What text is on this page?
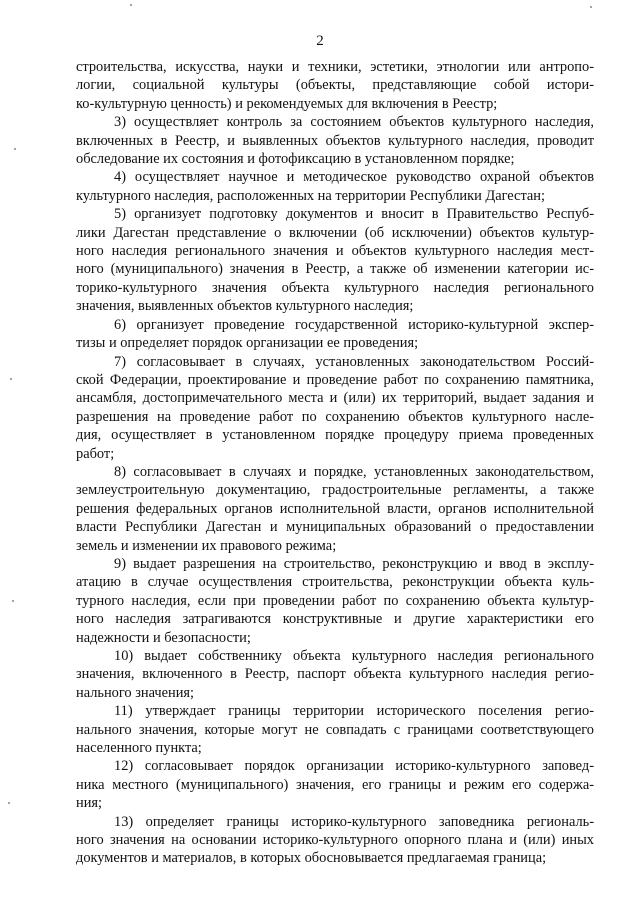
2

строительства, искусства, науки и техники, эстетики, этнологии или антропо-
логии, социальной культуры (объекты, представляющие собой истори-
ко-культурную ценность) и рекомендуемых для включения в Реестр;

3) осуществляет контроль за состоянием объектов культурного наследия,
включенных в Реестр, и выявленных объектов культурного наследия, проводит
обследование их состояния и фотофиксацию в установленном порядке;

4) осуществляет научное и методическое руководство охраной объектов
культурного наследия, расположенных на территории Республики Дагестан;

5) организует подготовку документов и вносит в Правительство Респуб-
лики Дагестан представление о включении (об исключении) объектов культур-
ного наследия регионального значения и объектов культурного наследия мест-
ного (муниципального) значения в Реестр, а также об изменении категории ис-
торико-культурного значения объекта культурного наследия регионального
значения, выявленных объектов культурного наследия;

6) организует проведение государственной историко-культурной экспер-
тизы и определяет порядок организации ее проведения;

7) согласовывает в случаях, установленных законодательством Россий-
ской Федерации, проектирование и проведение работ по сохранению памятника,
ансамбля, достопримечательного места и (или) их территорий, выдает задания и
разрешения на проведение работ по сохранению объектов культурного насле-
дия, осуществляет в установленном порядке процедуру приема проведенных
работ;

8) согласовывает в случаях и порядке, установленных законодательством,
землеустроительную документацию, градостроительные регламенты, а также
решения федеральных органов исполнительной власти, органов исполнительной
власти Республики Дагестан и муниципальных образований о предоставлении
земель и изменении их правового режима;

9) выдает разрешения на строительство, реконструкцию и ввод в эксплу-
атацию в случае осуществления строительства, реконструкции объекта куль-
турного наследия, если при проведении работ по сохранению объекта культур-
ного наследия затрагиваются конструктивные и другие характеристики его
надежности и безопасности;

10) выдает собственнику объекта культурного наследия регионального
значения, включенного в Реестр, паспорт объекта культурного наследия регио-
нального значения;

11) утверждает границы территории исторического поселения регио-
нального значения, которые могут не совпадать с границами соответствующего
населенного пункта;

12) согласовывает порядок организации историко-культурного заповед-
ника местного (муниципального) значения, его границы и режим его содержа-
ния;

13) определяет границы историко-культурного заповедника региональ-
ного значения на основании историко-культурного опорного плана и (или) иных
документов и материалов, в которых обосновывается предлагаемая граница;
